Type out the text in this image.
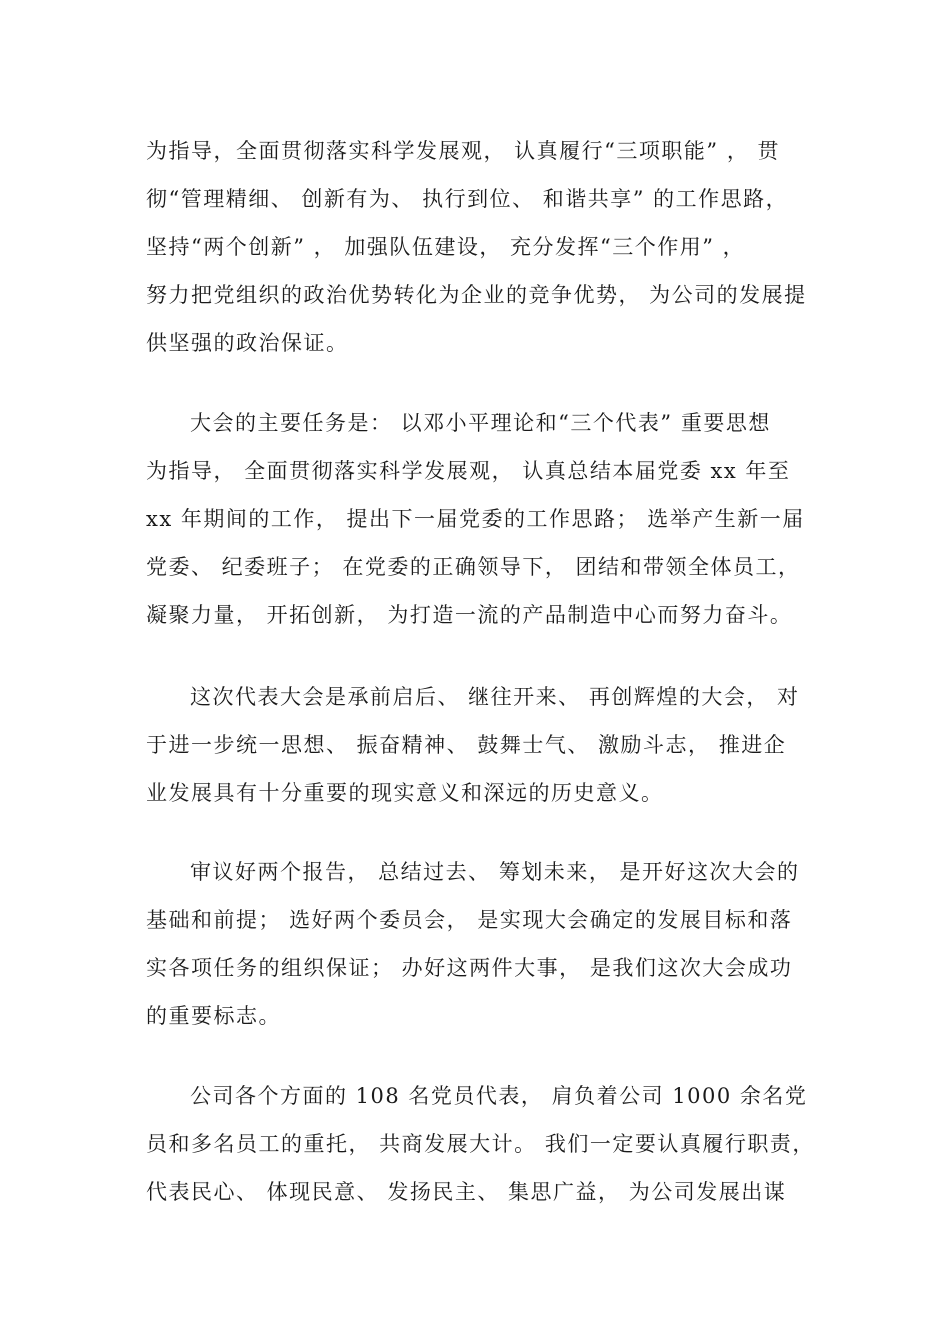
为指导，全面贯彻落实科学发展观， 认真履行“三项职能” ， 贯
彻“管理精细、 创新有为、 执行到位、 和谐共享” 的工作思路，
坚持“两个创新” ， 加强队伍建设， 充分发挥“三个作用” ，
努力把党组织的政治优势转化为企业的竞争优势， 为公司的发展提
供坚强的政治保证。
大会的主要任务是： 以邓小平理论和“三个代表” 重要思想
为指导， 全面贯彻落实科学发展观， 认真总结本届党委 xx 年至
xx 年期间的工作， 提出下一届党委的工作思路； 选举产生新一届
党委、 纪委班子； 在党委的正确领导下， 团结和带领全体员工，
凝聚力量， 开拓创新， 为打造一流的产品制造中心而努力奋斗。
这次代表大会是承前启后、 继往开来、 再创辉煌的大会， 对
于进一步统一思想、 振奋精神、 鼓舞士气、 激励斗志， 推进企
业发展具有十分重要的现实意义和深远的历史意义。
审议好两个报告， 总结过去、 筹划未来， 是开好这次大会的
基础和前提； 选好两个委员会， 是实现大会确定的发展目标和落
实各项任务的组织保证； 办好这两件大事， 是我们这次大会成功
的重要标志。
公司各个方面的 108 名党员代表， 肩负着公司 1000 余名党
员和多名员工的重托， 共商发展大计。 我们一定要认真履行职责，
代表民心、 体现民意、 发扬民主、 集思广益， 为公司发展出谋
